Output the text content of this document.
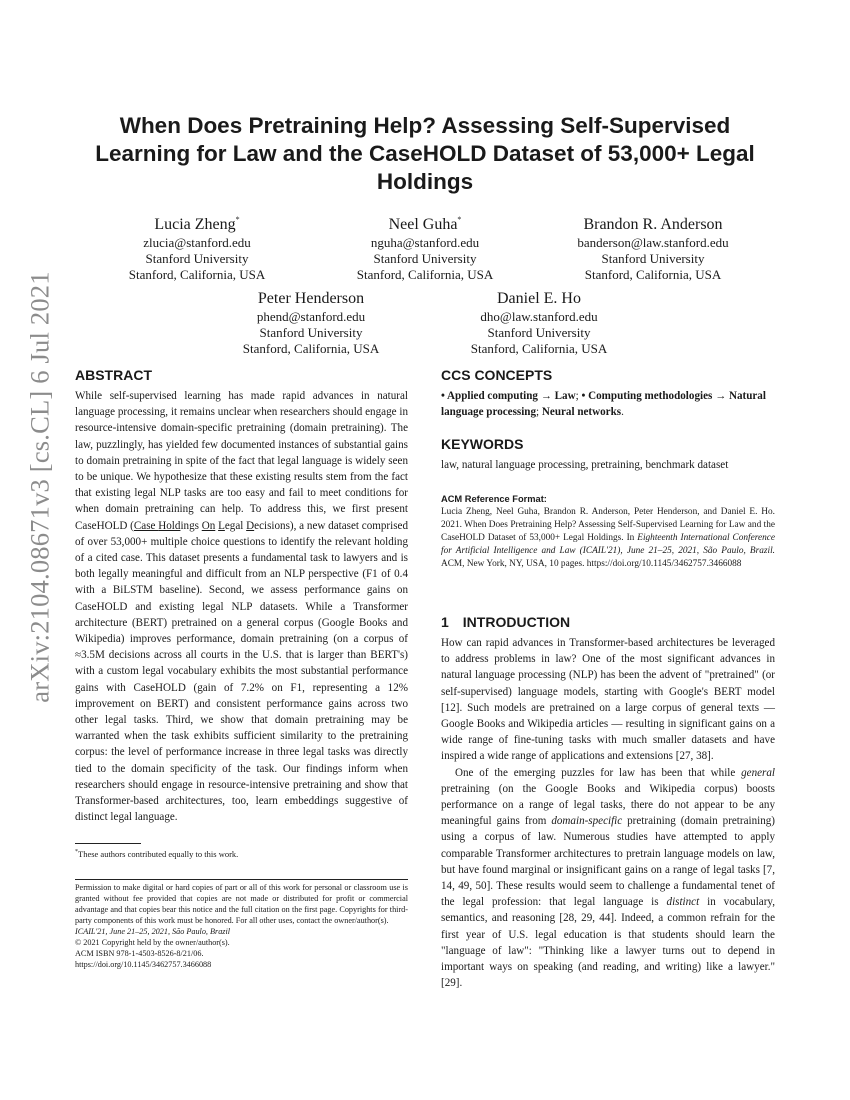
arXiv:2104.08671v3 [cs.CL] 6 Jul 2021
When Does Pretraining Help? Assessing Self-Supervised Learning for Law and the CaseHOLD Dataset of 53,000+ Legal Holdings
Lucia Zheng*
zlucia@stanford.edu
Stanford University
Stanford, California, USA
Neel Guha*
nguha@stanford.edu
Stanford University
Stanford, California, USA
Brandon R. Anderson
banderson@law.stanford.edu
Stanford University
Stanford, California, USA
Peter Henderson
phend@stanford.edu
Stanford University
Stanford, California, USA
Daniel E. Ho
dho@law.stanford.edu
Stanford University
Stanford, California, USA
ABSTRACT

While self-supervised learning has made rapid advances in natural language processing, it remains unclear when researchers should engage in resource-intensive domain-specific pretraining (domain pretraining). The law, puzzlingly, has yielded few documented instances of substantial gains to domain pretraining in spite of the fact that legal language is widely seen to be unique. We hypothesize that these existing results stem from the fact that existing legal NLP tasks are too easy and fail to meet conditions for when domain pretraining can help. To address this, we first present CaseHOLD (Case Holdings On Legal Decisions), a new dataset comprised of over 53,000+ multiple choice questions to identify the relevant holding of a cited case. This dataset presents a fundamental task to lawyers and is both legally meaningful and difficult from an NLP perspective (F1 of 0.4 with a BiLSTM baseline). Second, we assess performance gains on CaseHOLD and existing legal NLP datasets. While a Transformer architecture (BERT) pretrained on a general corpus (Google Books and Wikipedia) improves performance, domain pretraining (on a corpus of ≈3.5M decisions across all courts in the U.S. that is larger than BERT's) with a custom legal vocabulary exhibits the most substantial performance gains with CaseHOLD (gain of 7.2% on F1, representing a 12% improvement on BERT) and consistent performance gains across two other legal tasks. Third, we show that domain pretraining may be warranted when the task exhibits sufficient similarity to the pretraining corpus: the level of performance increase in three legal tasks was directly tied to the domain specificity of the task. Our findings inform when researchers should engage in resource-intensive pretraining and show that Transformer-based architectures, too, learn embeddings suggestive of distinct legal language.

CCS CONCEPTS
• Applied computing → Law; • Computing methodologies → Natural language processing; Neural networks.
KEYWORDS
law, natural language processing, pretraining, benchmark dataset
ACM Reference Format:

Lucia Zheng, Neel Guha, Brandon R. Anderson, Peter Henderson, and Daniel E. Ho. 2021. When Does Pretraining Help? Assessing Self-Supervised Learning for Law and the CaseHOLD Dataset of 53,000+ Legal Holdings. In Eighteenth International Conference for Artificial Intelligence and Law (ICAIL'21), June 21–25, 2021, São Paulo, Brazil. ACM, New York, NY, USA, 10 pages. https://doi.org/10.1145/3462757.3466088

1 INTRODUCTION

How can rapid advances in Transformer-based architectures be leveraged to address problems in law? One of the most significant advances in natural language processing (NLP) has been the advent of "pretrained" (or self-supervised) language models, starting with Google's BERT model [12]. Such models are pretrained on a large corpus of general texts — Google Books and Wikipedia articles — resulting in significant gains on a wide range of fine-tuning tasks with much smaller datasets and have inspired a wide range of applications and extensions [27, 38].

One of the emerging puzzles for law has been that while general pretraining (on the Google Books and Wikipedia corpus) boosts performance on a range of legal tasks, there do not appear to be any meaningful gains from domain-specific pretraining (domain pretraining) using a corpus of law. Numerous studies have attempted to apply comparable Transformer architectures to pretrain language models on law, but have found marginal or insignificant gains on a range of legal tasks [7, 14, 49, 50]. These results would seem to challenge a fundamental tenet of the legal profession: that legal language is distinct in vocabulary, semantics, and reasoning [28, 29, 44]. Indeed, a common refrain for the first year of U.S. legal education is that students should learn the "language of law": "Thinking like a lawyer turns out to depend in important ways on speaking (and reading, and writing) like a lawyer." [29].

*These authors contributed equally to this work.
Permission to make digital or hard copies of part or all of this work for personal or classroom use is granted without fee provided that copies are not made or distributed for profit or commercial advantage and that copies bear this notice and the full citation on the first page. Copyrights for third-party components of this work must be honored. For all other uses, contact the owner/author(s).
ICAIL'21, June 21–25, 2021, São Paulo, Brazil
© 2021 Copyright held by the owner/author(s).
ACM ISBN 978-1-4503-8526-8/21/06.
https://doi.org/10.1145/3462757.3466088
